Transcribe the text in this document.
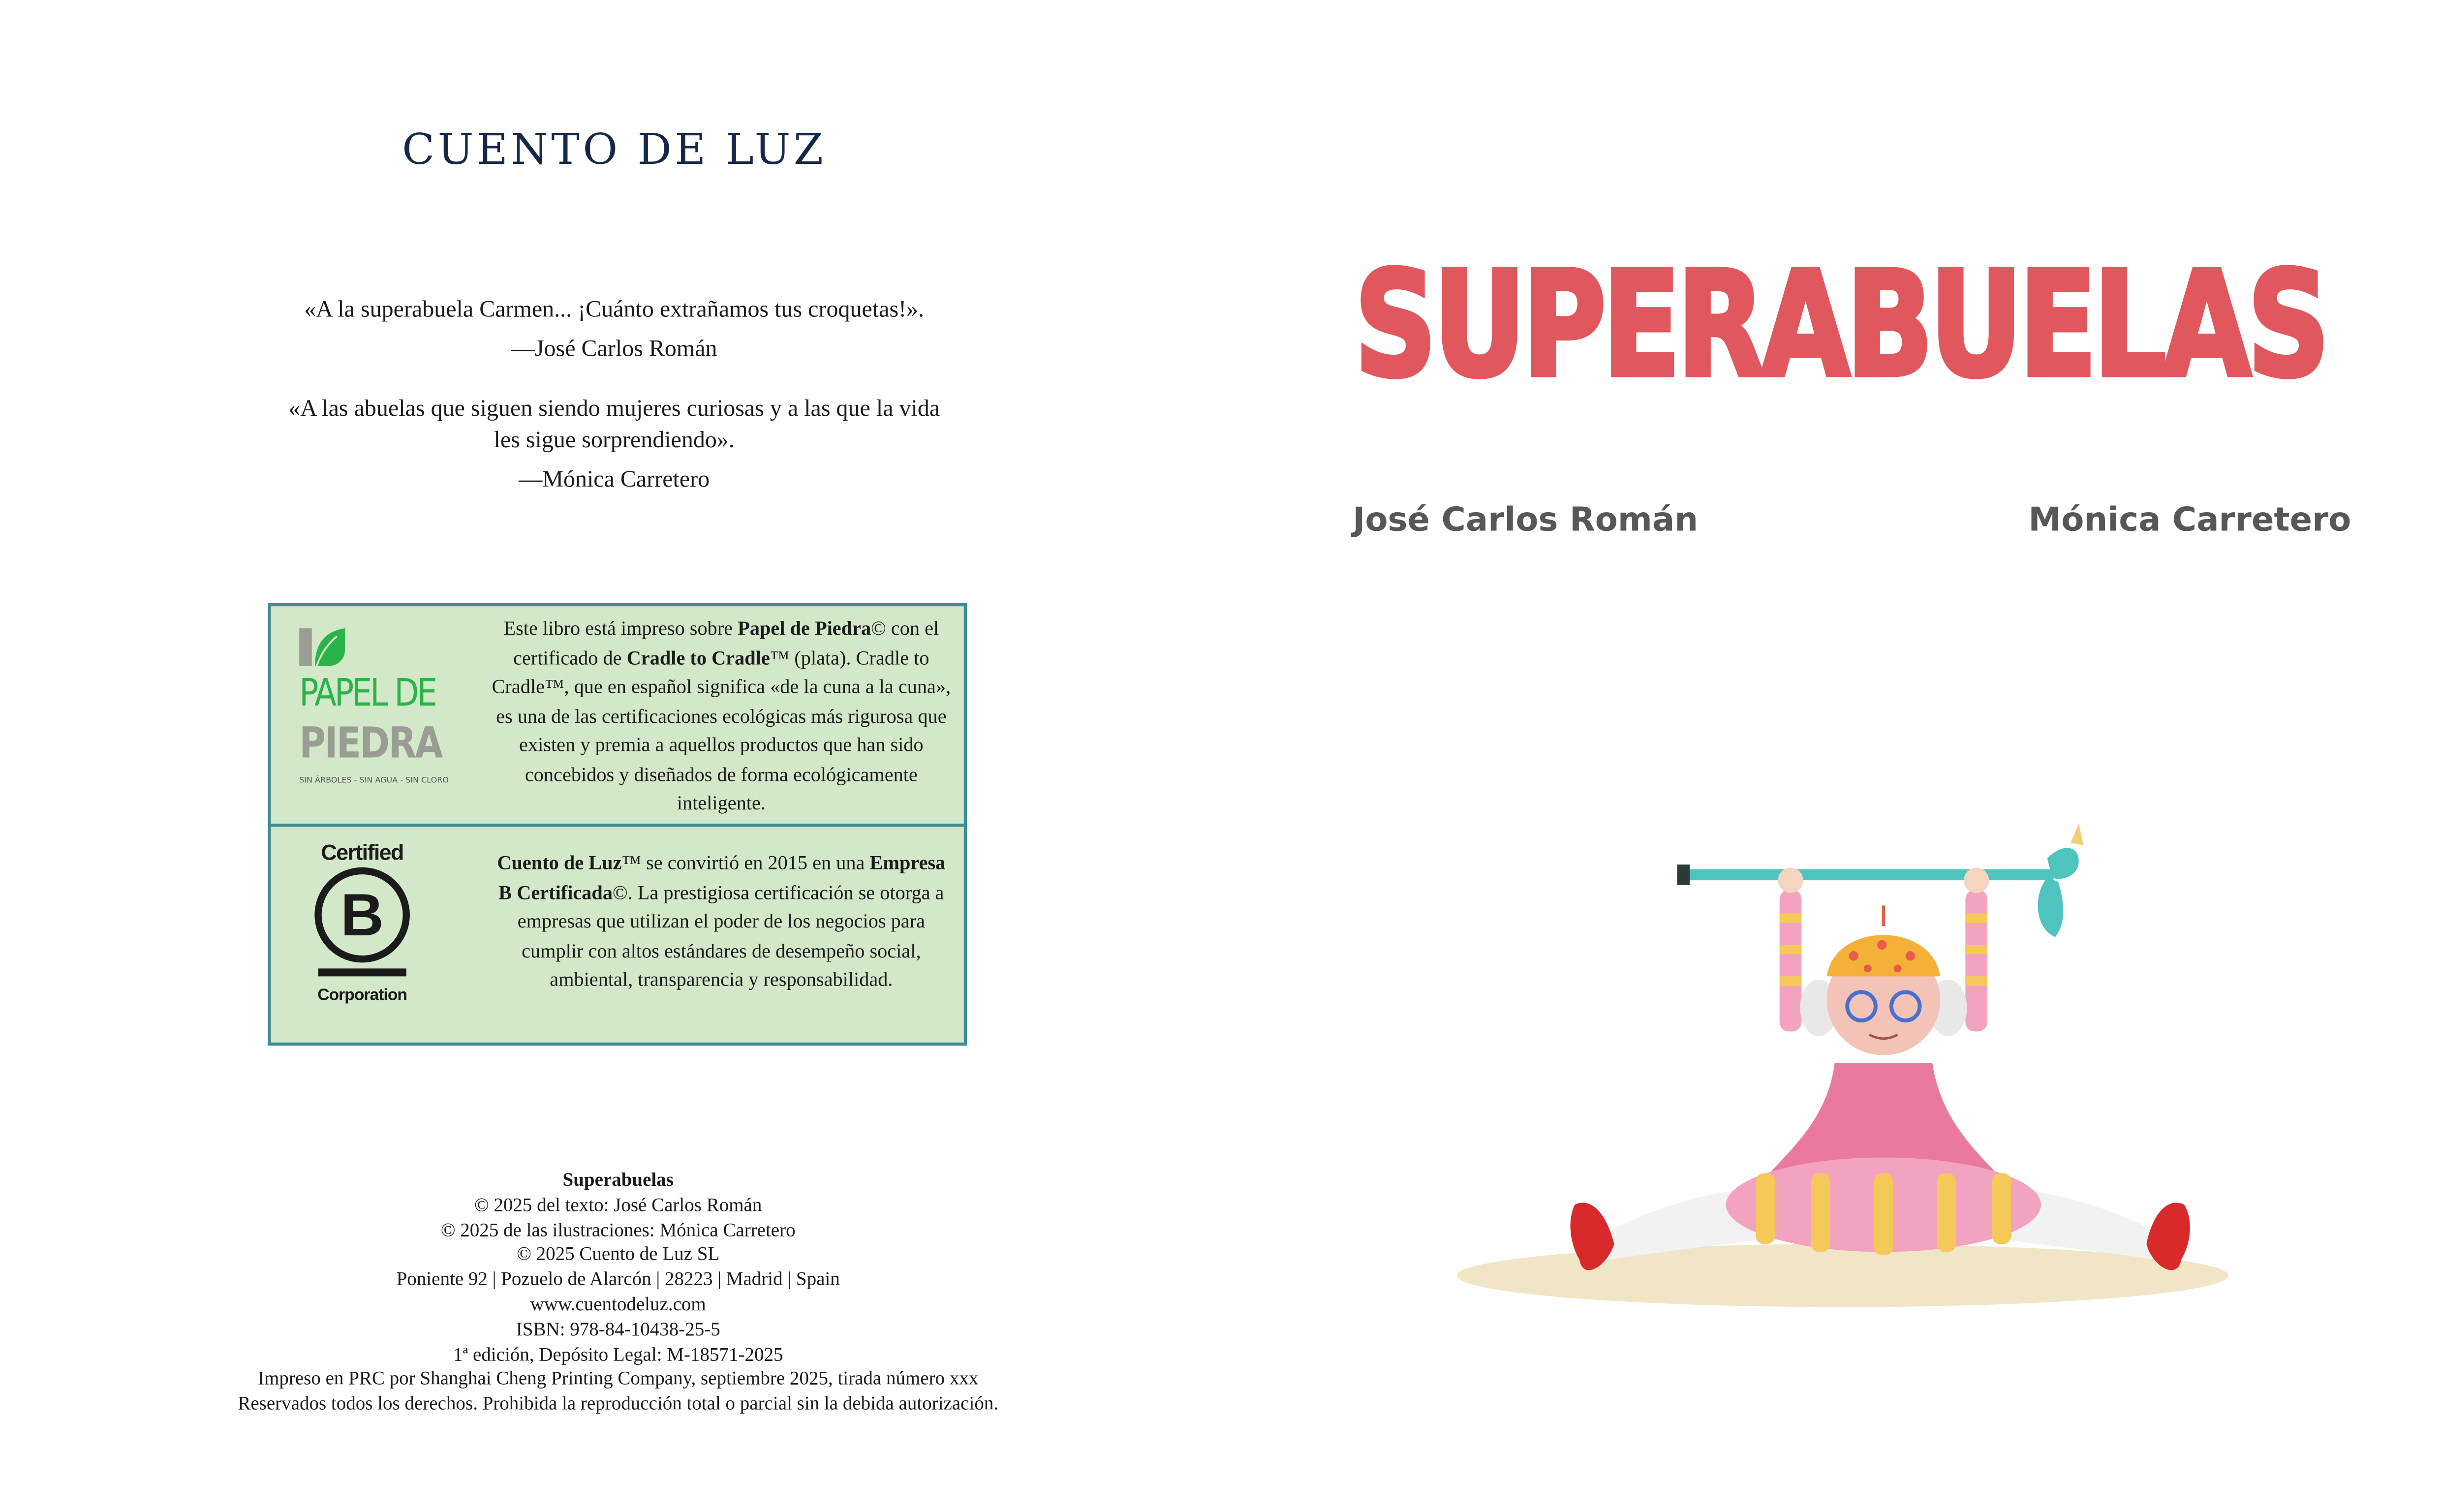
CUENTO DE LUZ
«A la superabuela Carmen... ¡Cuánto extrañamos tus croquetas!».
—José Carlos Román
«A las abuelas que siguen siendo mujeres curiosas y a las que la vida
les sigue sorprendiendo».
—Mónica Carretero
PAPEL DE
PIEDRA
SIN ÁRBOLES - SIN AGUA - SIN CLORO
Este libro está impreso sobre Papel de Piedra© con el certificado de Cradle to Cradle™ (plata). Cradle to Cradle™, que en español significa «de la cuna a la cuna», es una de las certificaciones ecológicas más rigurosa que existen y premia a aquellos productos que han sido concebidos y diseñados de forma ecológicamente inteligente.
Certified
B
Corporation
Cuento de Luz™ se convirtió en 2015 en una Empresa B Certificada©. La prestigiosa certificación se otorga a empresas que utilizan el poder de los negocios para cumplir con altos estándares de desempeño social, ambiental, transparencia y responsabilidad.
Superabuelas
© 2025 del texto: José Carlos Román
© 2025 de las ilustraciones: Mónica Carretero
© 2025 Cuento de Luz SL
Poniente 92 | Pozuelo de Alarcón | 28223 | Madrid | Spain
www.cuentodeluz.com
ISBN: 978-84-10438-25-5
1ª edición, Depósito Legal: M-18571-2025
Impreso en PRC por Shanghai Cheng Printing Company, septiembre 2025, tirada número xxx
Reservados todos los derechos. Prohibida la reproducción total o parcial sin la debida autorización.
SUPERABUELAS
José Carlos Román	Mónica Carretero
